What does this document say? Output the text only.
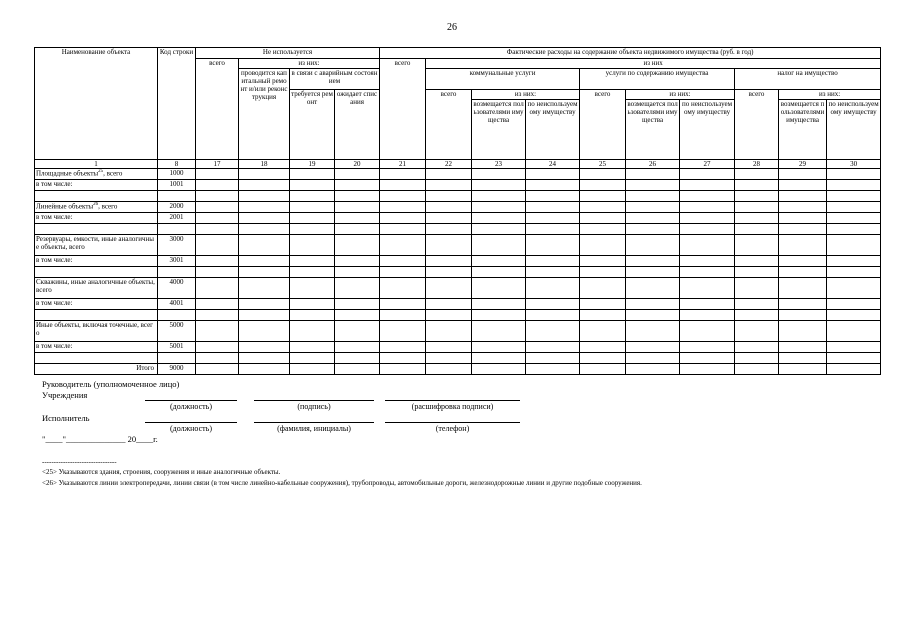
26
Наименование объекта	Код строки	Не используется				Фактические расходы на содержание объекта недвижимого имущества (руб. в год)									
		всего	из них:			всего	из них								
			проводится капитальный ремонт и/или реконструкция	в связи с аварийным состоянием			коммунальные услуги			услуги по содержанию имущества			налог на имущество		
				требуется ремонт	ожидает списания		всего	из них:		всего	из них:		всего	из них:	
								возмещается пользователями имущества	по неиспользуемому имуществу		возмещается пользователями имущества	по неиспользуемому имуществу		возмещается пользователями имущества	по неиспользуемому имуществу
1	8	17	18	19	20	21	22	23	24	25	26	27	28	29	30
Площадные объекты$^{25}$, всего	1000														
в том числе:	1001														

Линейные объекты$^{26}$, всего	2000														
в том числе:	2001														

Резервуары, емкости, иные аналогичные объекты, всего	3000														
в том числе:	3001														

Скважины, иные аналогичные объекты, всего	4000														
в том числе:	4001														

Иные объекты, включая точечные, всего	5000														
в том числе:	5001														

Итого	9000														
Руководитель (уполномоченное лицо)
Учреждения
(должность)	(подпись)	(расшифровка подписи)
Исполнитель
(должность)	(фамилия, инициалы)	(телефон)
"____"______________ 20____г.
--------------------------------
<25> Указываются здания, строения, сооружения и иные аналогичные объекты.
<26> Указываются линии электропередачи, линии связи (в том числе линейно-кабельные сооружения), трубопроводы, автомобильные дороги, железнодорожные линии и другие подобные сооружения.
